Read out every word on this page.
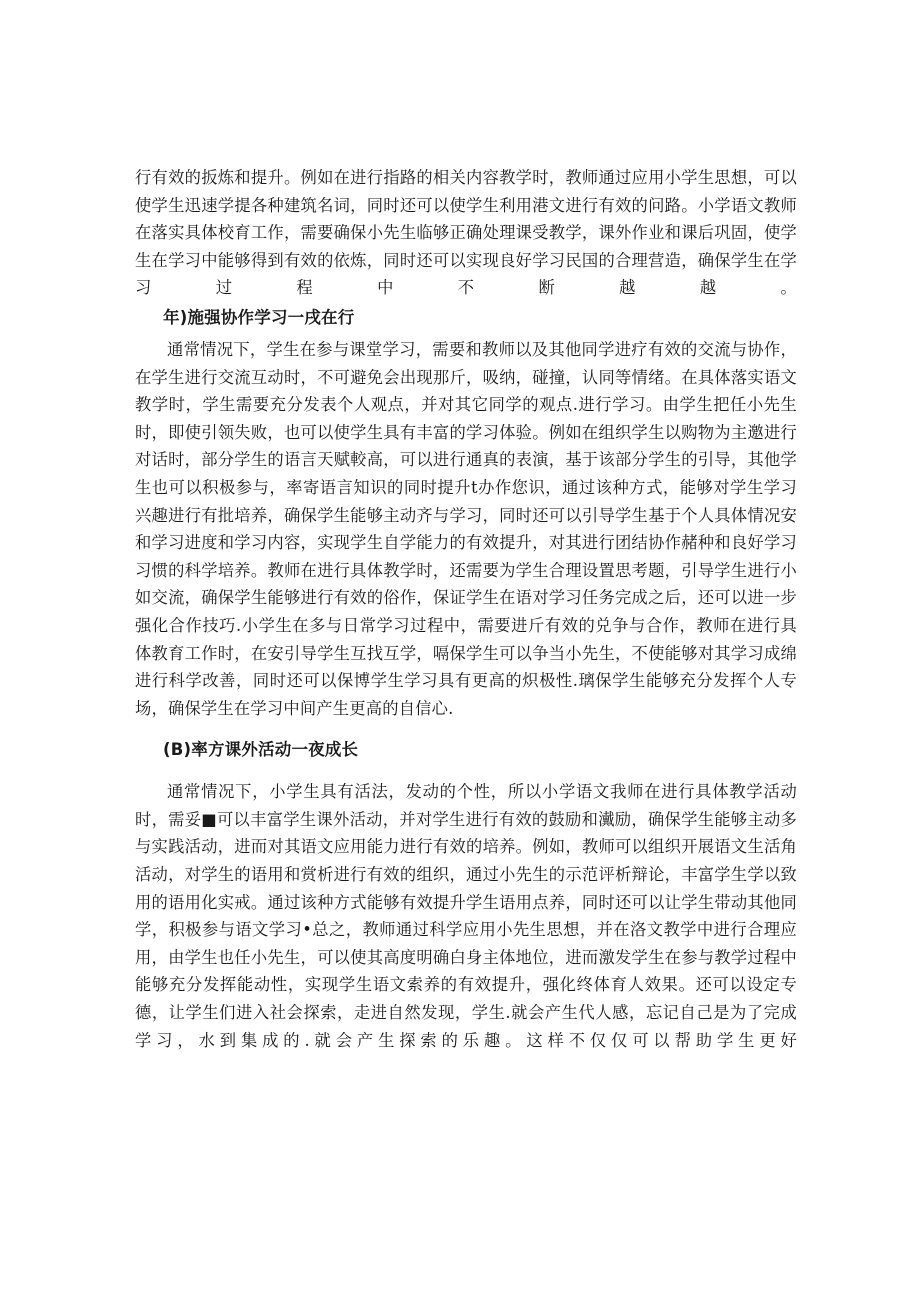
行有效的扳炼和提升。例如在进行指路的相关内容教学时，教师通过应用小学生思想，可以使学生迅速学提各种建筑名词，同时还可以使学生利用港文进行有效的问路。小学语文教师在落实具体校育工作，需要确保小先生临够正确处理课受教学，课外作业和课后巩固，使学生在学习中能够得到有效的依炼，同时还可以实现良好学习民国的合理营造，确保学生在学习过程中不断越越。

年)施强协作学习一戌在行

通常情况下，学生在参与课堂学习，需要和教师以及其他同学进疗有效的交流与协作，在学生进行交流互动时，不可避免会出现那斤，吸纳，碰撞，认同等情绪。在具体落实语文教学时，学生需要充分发表个人观点，并对其它同学的观点.进行学习。由学生把任小先生时，即使引领失败，也可以使学生具有丰富的学习体验。例如在组织学生以购物为主邀进行对话时，部分学生的语言天赋較高，可以进行通真的表演，基于该部分学生的引导，其他学生也可以积极参与，率寄语言知识的同时提升t办作您识，通过该种方式，能够对学生学习兴趣进行有批培养，确保学生能够主动齐与学习，同时还可以引导学生基于个人具体情况安和学习进度和学习内容，实现学生自学能力的有效提升，对其进行团结协作赭种和良好学习习惯的科学培养。教师在进行具体教学时，还需要为学生合理设置思考题，引导学生进行小如交流，确保学生能够进行有效的俗作，保证学生在语对学习任务完成之后，还可以进一步强化合作技巧.小学生在多与日常学习过程中，需要进斤有效的兑争与合作，教师在进行具体教育工作时，在安引导学生互找互学，嗝保学生可以争当小先生，不使能够对其学习成绵进行科学改善，同时还可以保博学生学习具有更高的炽极性.璃保学生能够充分发挥个人专场，确保学生在学习中间产生更高的自信心.

(B)率方课外活动一夜成长

通常情况下，小学生具有活法，发动的个性，所以小学语文我师在进行具体教学活动时，需妥■可以丰富学生课外活动，并对学生进行有效的鼓励和瀻励，确保学生能够主动多与实践活动，进而对其语文应用能力进行有效的培养。例如，教师可以组织开展语文生活角活动，对学生的语用和赏析进行有效的组织，通过小先生的示范评析辩论，丰富学生学以致用的语用化实戒。通过该种方式能够有效提升学生语用点养，同时还可以让学生带动其他同学，积极参与语文学习•总之，教师通过科学应用小先生思想，并在洛文教学中进行合理应用，由学生也任小先生，可以使其高度明确白身主体地位，进而激发学生在参与教学过程中能够充分发挥能动性，实现学生语文索养的有效提升，强化终体育人效果。还可以设定专德，让学生们进入社会探索，走进自然发现，学生.就会产生代人感，忘记自己是为了完成学习，水到集成的.就会产生探索的乐趣。这样不仅仅可以帮助学生更好
